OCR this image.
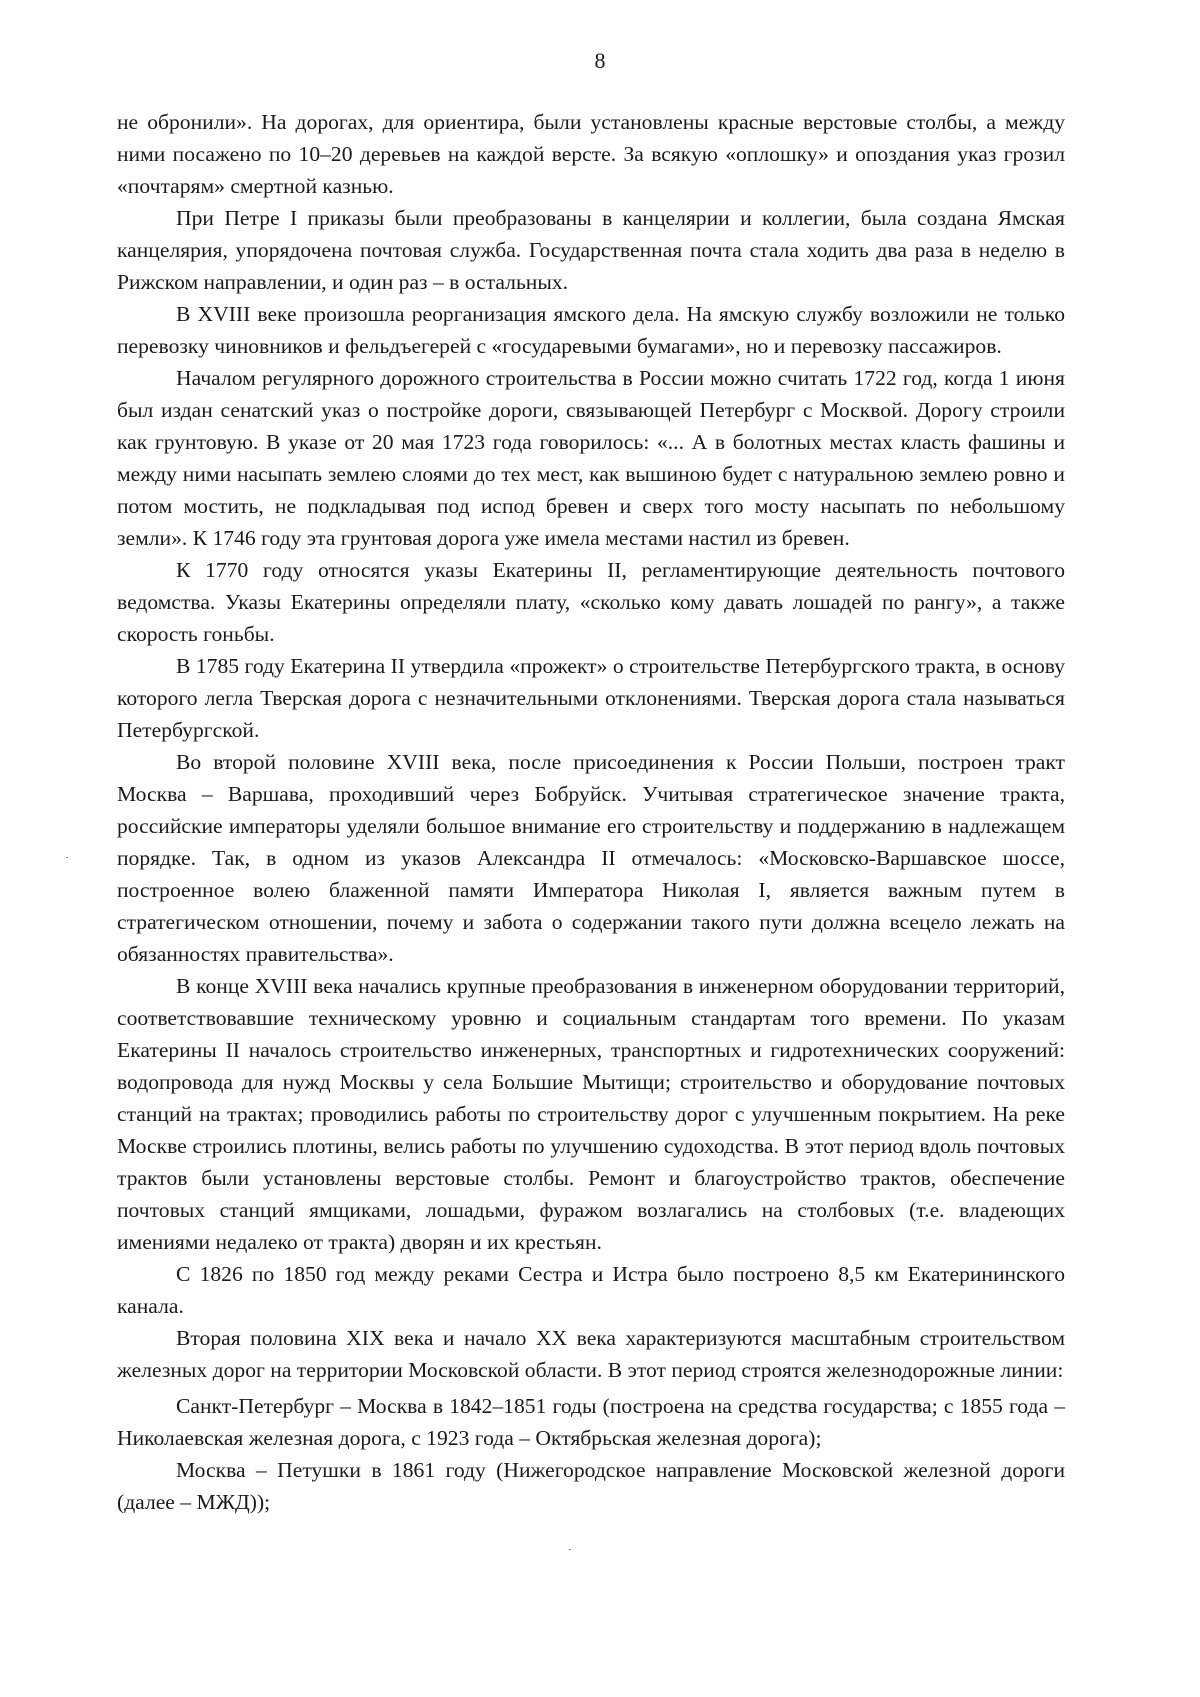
8

не обронили». На дорогах, для ориентира, были установлены красные верстовые столбы, а между ними посажено по 10–20 деревьев на каждой версте. За всякую «оплошку» и опоздания указ грозил «почтарям» смертной казнью.

При Петре I приказы были преобразованы в канцелярии и коллегии, была создана Ямская канцелярия, упорядочена почтовая служба. Государственная почта стала ходить два раза в неделю в Рижском направлении, и один раз – в остальных.

В XVIII веке произошла реорганизация ямского дела. На ямскую службу возложили не только перевозку чиновников и фельдъегерей с «государевыми бумагами», но и перевозку пассажиров.

Началом регулярного дорожного строительства в России можно считать 1722 год, когда 1 июня был издан сенатский указ о постройке дороги, связывающей Петербург с Москвой. Дорогу строили как грунтовую. В указе от 20 мая 1723 года говорилось: «... А в болотных местах класть фашины и между ними насыпать землею слоями до тех мест, как вышиною будет с натуральною землею ровно и потом мостить, не подкладывая под испод бревен и сверх того мосту насыпать по небольшому земли». К 1746 году эта грунтовая дорога уже имела местами настил из бревен.

К 1770 году относятся указы Екатерины II, регламентирующие деятельность почтового ведомства. Указы Екатерины определяли плату, «сколько кому давать лошадей по рангу», а также скорость гоньбы.

В 1785 году Екатерина II утвердила «прожект» о строительстве Петербургского тракта, в основу которого легла Тверская дорога с незначительными отклонениями. Тверская дорога стала называться Петербургской.

Во второй половине XVIII века, после присоединения к России Польши, построен тракт Москва – Варшава, проходивший через Бобруйск. Учитывая стратегическое значение тракта, российские императоры уделяли большое внимание его строительству и поддержанию в надлежащем порядке. Так, в одном из указов Александра II отмечалось: «Московско-Варшавское шоссе, построенное волею блаженной памяти Императора Николая I, является важным путем в стратегическом отношении, почему и забота о содержании такого пути должна всецело лежать на обязанностях правительства».

В конце XVIII века начались крупные преобразования в инженерном оборудовании территорий, соответствовавшие техническому уровню и социальным стандартам того времени. По указам Екатерины II началось строительство инженерных, транспортных и гидротехнических сооружений: водопровода для нужд Москвы у села Большие Мытищи; строительство и оборудование почтовых станций на трактах; проводились работы по строительству дорог с улучшенным покрытием. На реке Москве строились плотины, велись работы по улучшению судоходства. В этот период вдоль почтовых трактов были установлены верстовые столбы. Ремонт и благоустройство трактов, обеспечение почтовых станций ямщиками, лошадьми, фуражом возлагались на столбовых (т.е. владеющих имениями недалеко от тракта) дворян и их крестьян.

С 1826 по 1850 год между реками Сестра и Истра было построено 8,5 км Екатерининского канала.

Вторая половина XIX века и начало XX века характеризуются масштабным строительством железных дорог на территории Московской области. В этот период строятся железнодорожные линии:

Санкт-Петербург – Москва в 1842–1851 годы (построена на средства государства; с 1855 года – Николаевская железная дорога, с 1923 года – Октябрьская железная дорога);

Москва – Петушки в 1861 году (Нижегородское направление Московской железной дороги (далее – МЖД));
